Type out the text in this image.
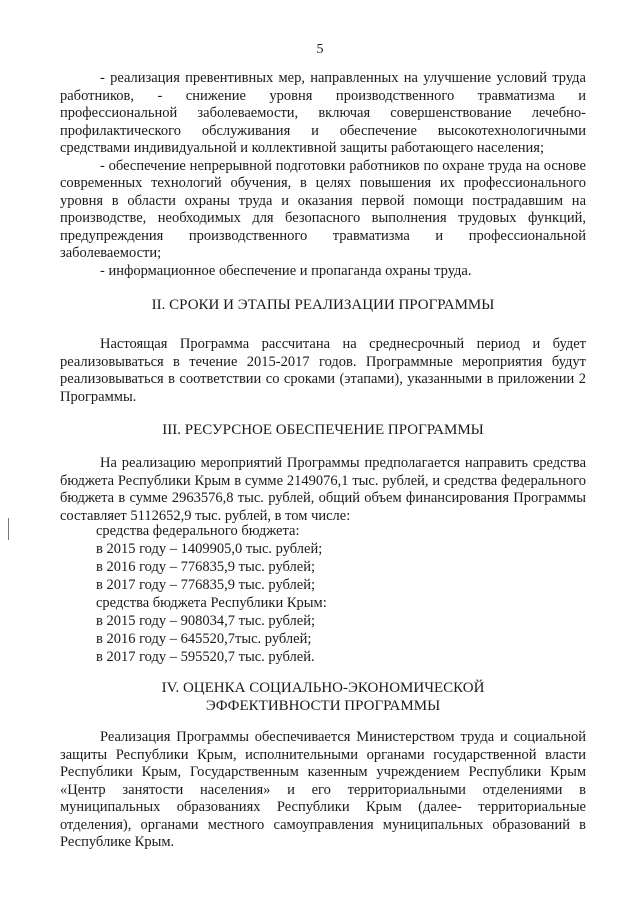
5

- реализация превентивных мер, направленных на улучшение условий труда работников, - снижение уровня производственного травматизма и профессиональной заболеваемости, включая совершенствование лечебно-профилактического обслуживания и обеспечение высокотехнологичными средствами индивидуальной и коллективной защиты работающего населения;

- обеспечение непрерывной подготовки работников по охране труда на основе современных технологий обучения, в целях повышения их профессионального уровня в области охраны труда и оказания первой помощи пострадавшим на производстве, необходимых для безопасного выполнения трудовых функций, предупреждения производственного травматизма и профессиональной заболеваемости;

- информационное обеспечение и пропаганда охраны труда.

II. СРОКИ И ЭТАПЫ РЕАЛИЗАЦИИ ПРОГРАММЫ

Настоящая Программа рассчитана на среднесрочный период и будет реализовываться в течение 2015-2017 годов. Программные мероприятия будут реализовываться в соответствии со сроками (этапами), указанными в приложении 2 Программы.

III. РЕСУРСНОЕ ОБЕСПЕЧЕНИЕ ПРОГРАММЫ

На реализацию мероприятий Программы предполагается направить средства бюджета Республики Крым в сумме 2149076,1 тыс. рублей, и средства федерального бюджета в сумме 2963576,8 тыс. рублей, общий объем финансирования Программы составляет 5112652,9 тыс. рублей, в том числе:

средства федерального бюджета:
в 2015 году – 1409905,0 тыс. рублей;
в 2016 году – 776835,9 тыс. рублей;
в 2017 году – 776835,9 тыс. рублей;
средства бюджета Республики Крым:
в 2015 году – 908034,7 тыс. рублей;
в 2016 году – 645520,7тыс. рублей;
в 2017 году – 595520,7 тыс. рублей.
IV. ОЦЕНКА СОЦИАЛЬНО-ЭКОНОМИЧЕСКОЙ
ЭФФЕКТИВНОСТИ ПРОГРАММЫ

Реализация Программы обеспечивается Министерством труда и социальной защиты Республики Крым, исполнительными органами государственной власти Республики Крым, Государственным казенным учреждением Республики Крым «Центр занятости населения» и его территориальными отделениями в муниципальных образованиях Республики Крым (далее- территориальные отделения), органами местного самоуправления муниципальных образований в Республике Крым.
